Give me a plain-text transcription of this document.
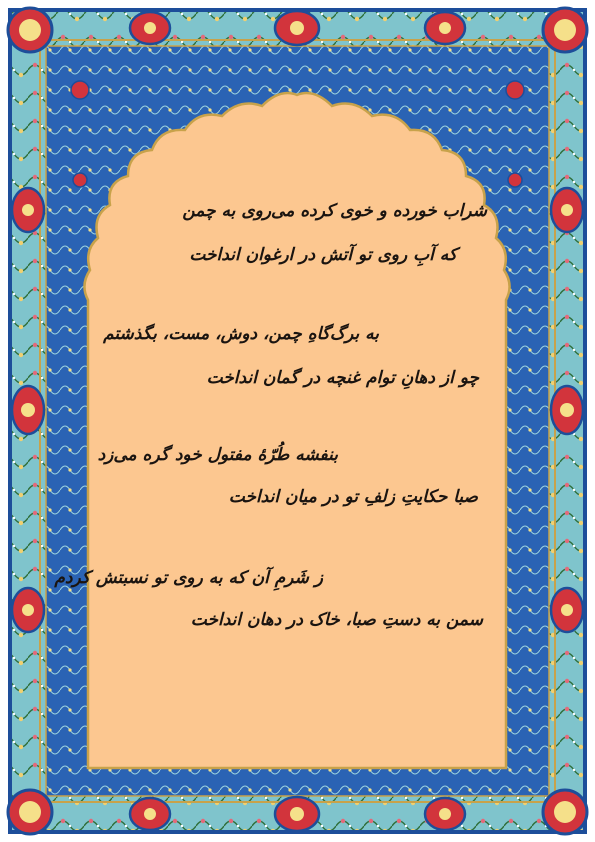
شراب خورده و خوی کرده می‌روی به چمن
که آبِ روی تو آتش در ارغوان انداخت
به برگ‌گاهِ چمن، دوش، مست، بگذشتم
چو از دهانِ توام غنچه در گمان انداخت
بنفشه طُرّهٔ مفتول خود گره می‌زد
صبا حکایتِ زلفِ تو در میان انداخت
ز شَرمِ آن که به روی تو نسبتش کردم
سمن به دستِ صبا، خاک در دهان انداخت
